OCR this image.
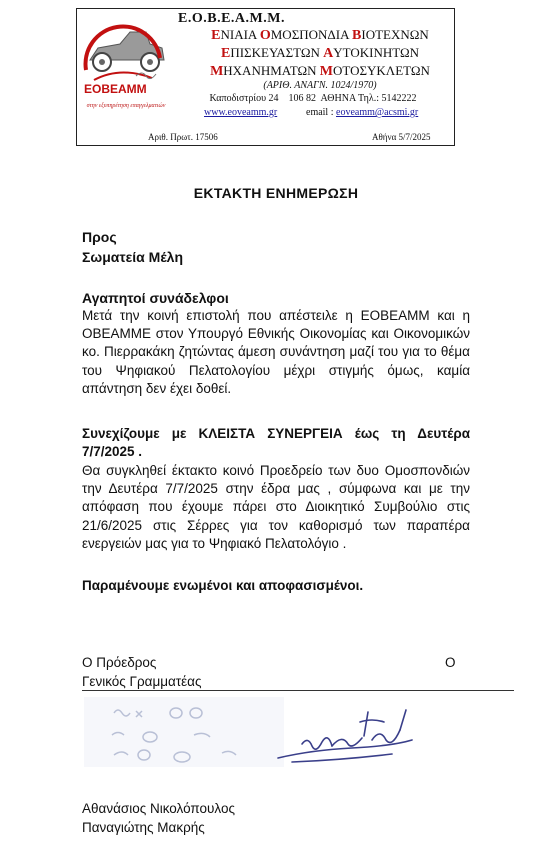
ΕΟΒΕΑΜΜ
στην εξυπηρέτηση επαγγελματιών
Ε.Ο.Β.Ε.Α.Μ.Μ.
ΕΝΙΑΙΑ ΟΜΟΣΠΟΝΔΙΑ ΒΙΟΤΕΧΝΩΝ
ΕΠΙΣΚΕΥΑΣΤΩΝ ΑΥΤΟΚΙΝΗΤΩΝ
ΜΗΧΑΝΗΜΑΤΩΝ ΜΟΤΟΣΥΚΛΕΤΩΝ
(ΑΡΙΘ. ΑΝΑΓΝ. 1024/1970)
Καποδιστρίου 24    106 82  ΑΘΗΝΑ Τηλ.: 5142222
www.eoveamm.gr	email : eoveamm@acsmi.gr
Αριθ. Πρωτ. 17506	Αθήνα 5/7/2025
ΕΚΤΑΚΤΗ ΕΝΗΜΕΡΩΣΗ
Προς
Σωματεία Μέλη
Αγαπητοί συνάδελφοι
Μετά την κοινή επιστολή που απέστειλε η ΕΟΒΕΑΜΜ και η ΟΒΕΑΜΜΕ στον Υπουργό Εθνικής Οικονομίας και Οικονομικών κο. Πιερρακάκη ζητώντας άμεση συνάντηση μαζί του για το θέμα του Ψηφιακού Πελατολογίου μέχρι στιγμής όμως, καμία απάντηση δεν έχει δοθεί.
Συνεχίζουμε με ΚΛΕΙΣΤΑ ΣΥΝΕΡΓΕΙΑ έως τη Δευτέρα 7/7/2025 .
Θα συγκληθεί έκτακτο κοινό Προεδρείο των δυο Ομοσπονδιών την Δευτέρα 7/7/2025 στην έδρα μας , σύμφωνα και με την απόφαση που έχουμε πάρει στο Διοικητικό Συμβούλιο στις 21/6/2025 στις Σέρρες για τον καθορισμό των παραπέρα ενεργειών μας για το Ψηφιακό Πελατολόγιο .
Παραμένουμε ενωμένοι και αποφασισμένοι.
Ο Πρόεδρος	Ο
Γενικός Γραμματέας
Αθανάσιος Νικολόπουλος
Παναγιώτης Μακρής
